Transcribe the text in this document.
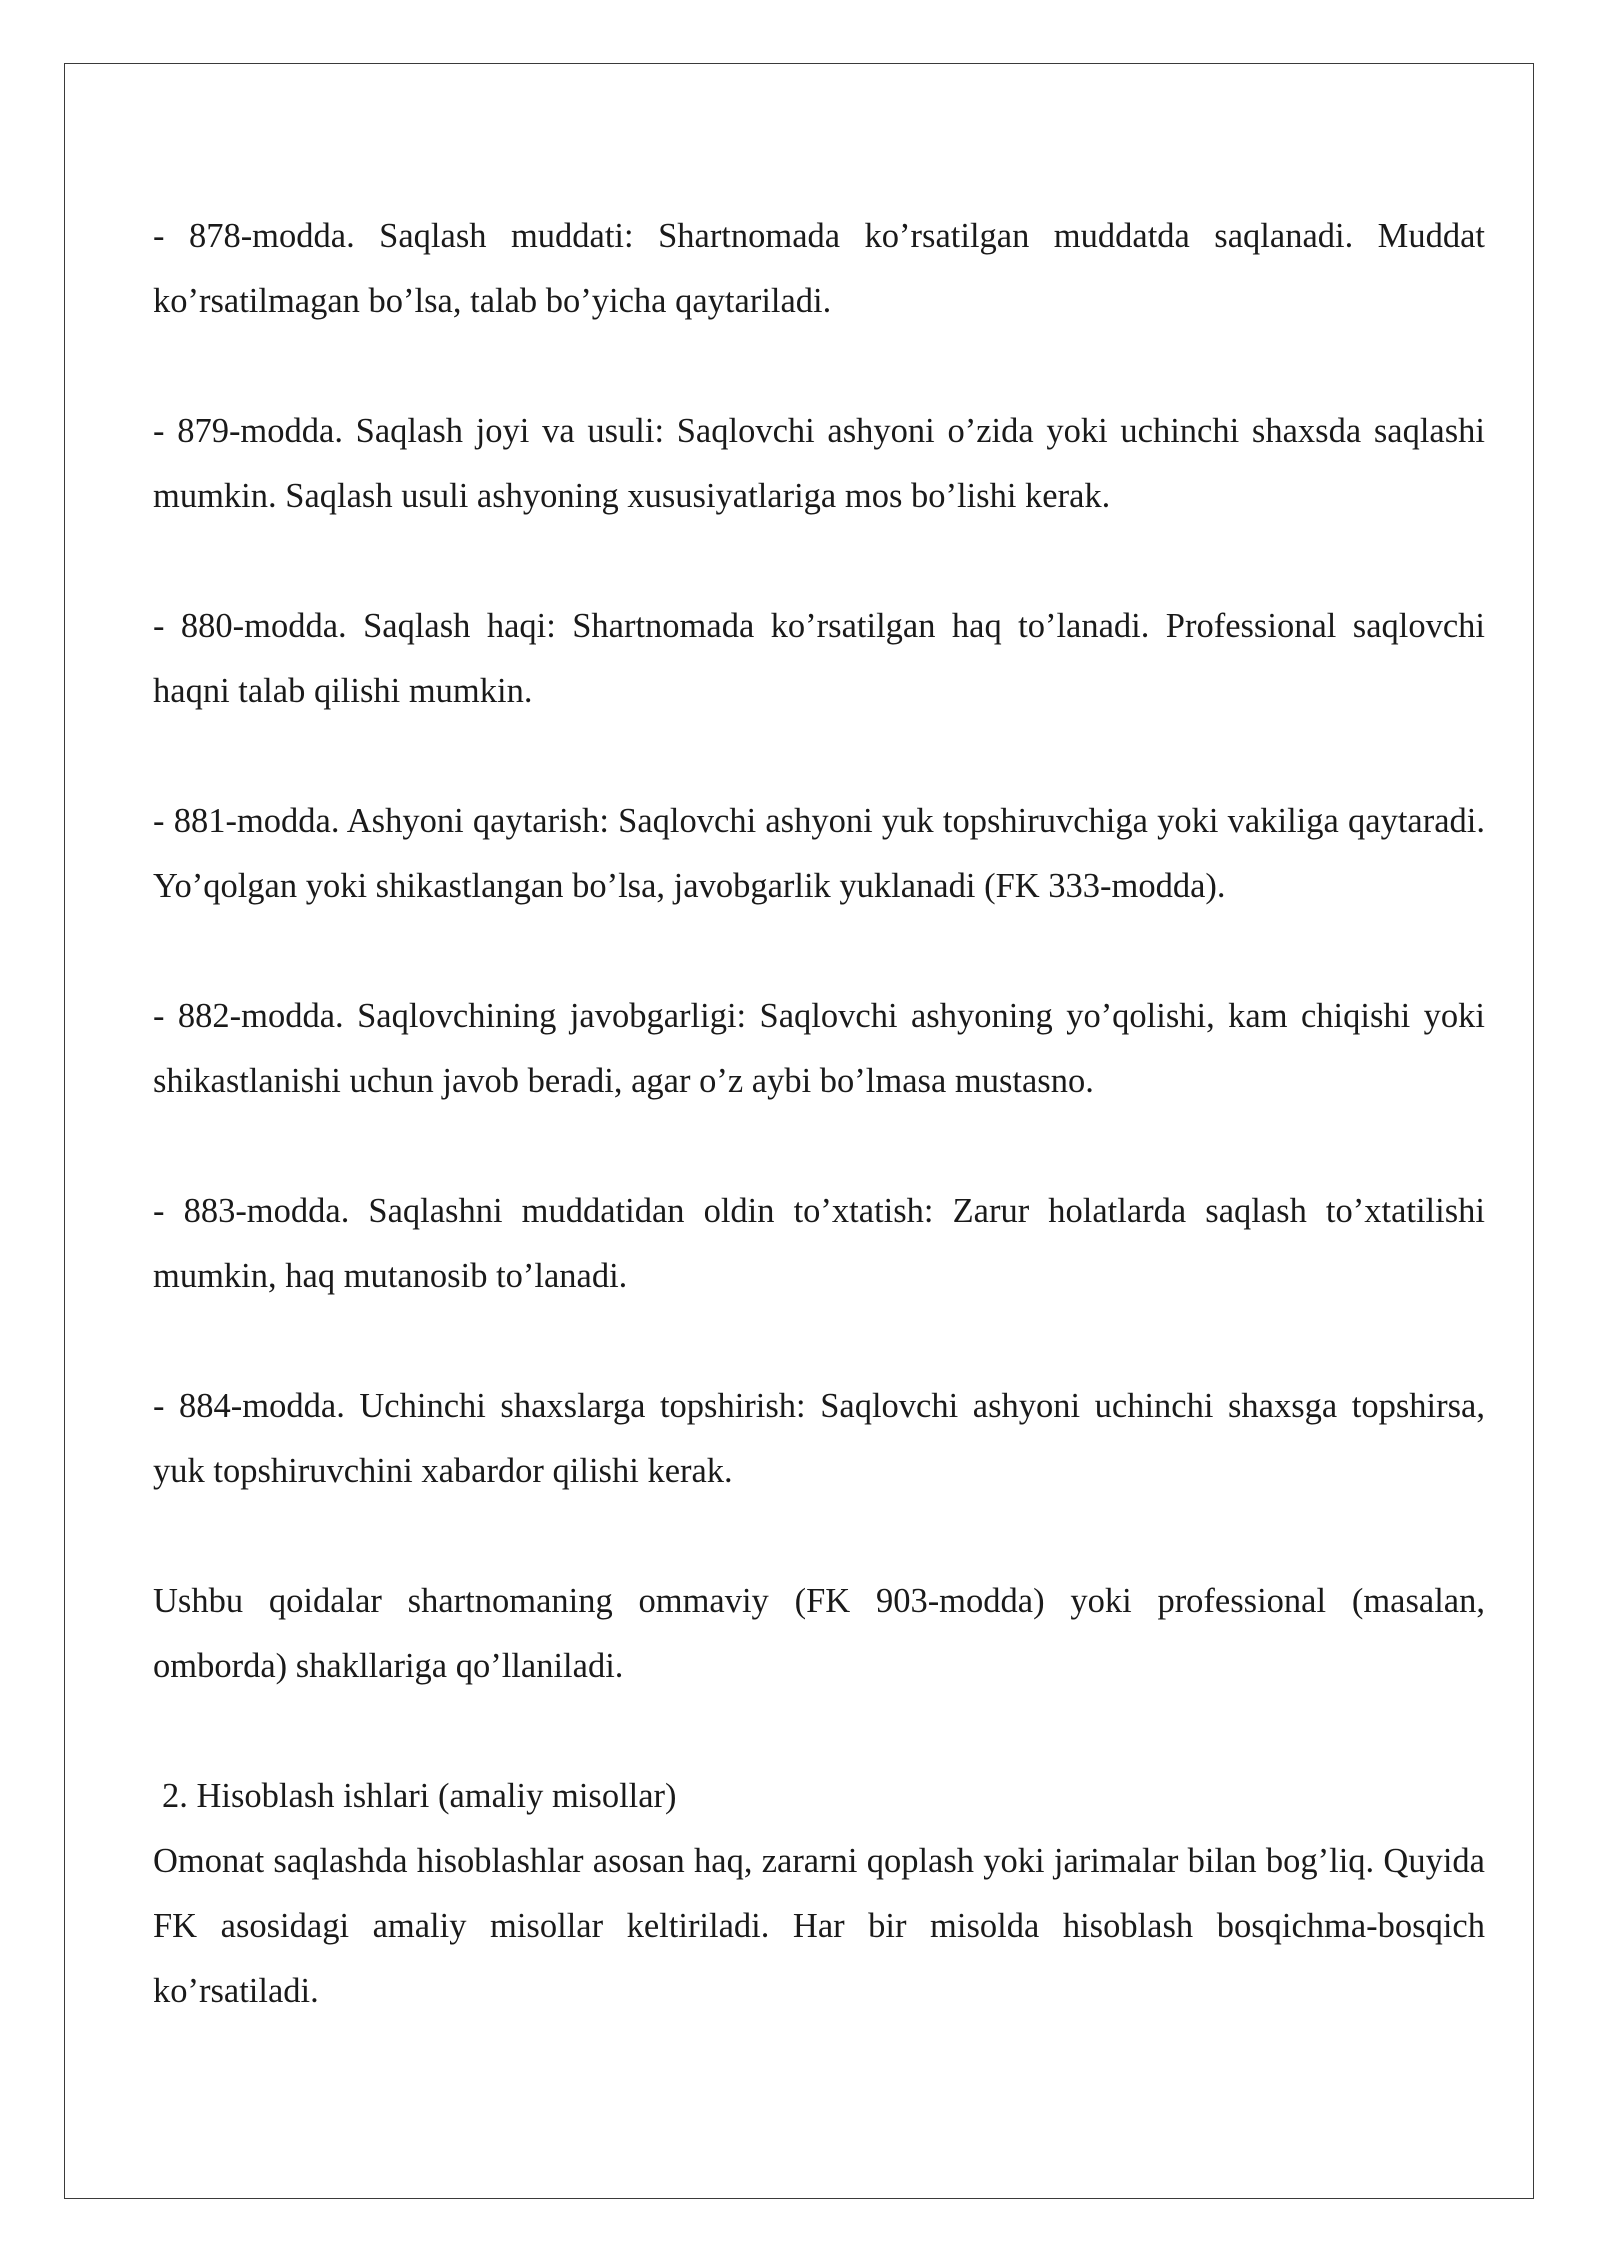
- 878-modda. Saqlash muddati: Shartnomada ko’rsatilgan muddatda saqlanadi. Muddat ko’rsatilmagan bo’lsa, talab bo’yicha qaytariladi.

- 879-modda. Saqlash joyi va usuli: Saqlovchi ashyoni o’zida yoki uchinchi shaxsda saqlashi mumkin. Saqlash usuli ashyoning xususiyatlariga mos bo’lishi kerak.

- 880-modda. Saqlash haqi: Shartnomada ko’rsatilgan haq to’lanadi. Professional saqlovchi haqni talab qilishi mumkin.

- 881-modda. Ashyoni qaytarish: Saqlovchi ashyoni yuk topshiruvchiga yoki vakiliga qaytaradi. Yo’qolgan yoki shikastlangan bo’lsa, javobgarlik yuklanadi (FK 333-modda).

- 882-modda. Saqlovchining javobgarligi: Saqlovchi ashyoning yo’qolishi, kam chiqishi yoki shikastlanishi uchun javob beradi, agar o’z aybi bo’lmasa mustasno.

- 883-modda. Saqlashni muddatidan oldin to’xtatish: Zarur holatlarda saqlash to’xtatilishi mumkin, haq mutanosib to’lanadi.

- 884-modda. Uchinchi shaxslarga topshirish: Saqlovchi ashyoni uchinchi shaxsga topshirsa, yuk topshiruvchini xabardor qilishi kerak.

Ushbu qoidalar shartnomaning ommaviy (FK 903-modda) yoki professional (masalan, omborda) shakllariga qo’llaniladi.

2. Hisoblash ishlari (amaliy misollar)

Omonat saqlashda hisoblashlar asosan haq, zararni qoplash yoki jarimalar bilan bog’liq. Quyida FK asosidagi amaliy misollar keltiriladi. Har bir misolda hisoblash bosqichma-bosqich ko’rsatiladi.
